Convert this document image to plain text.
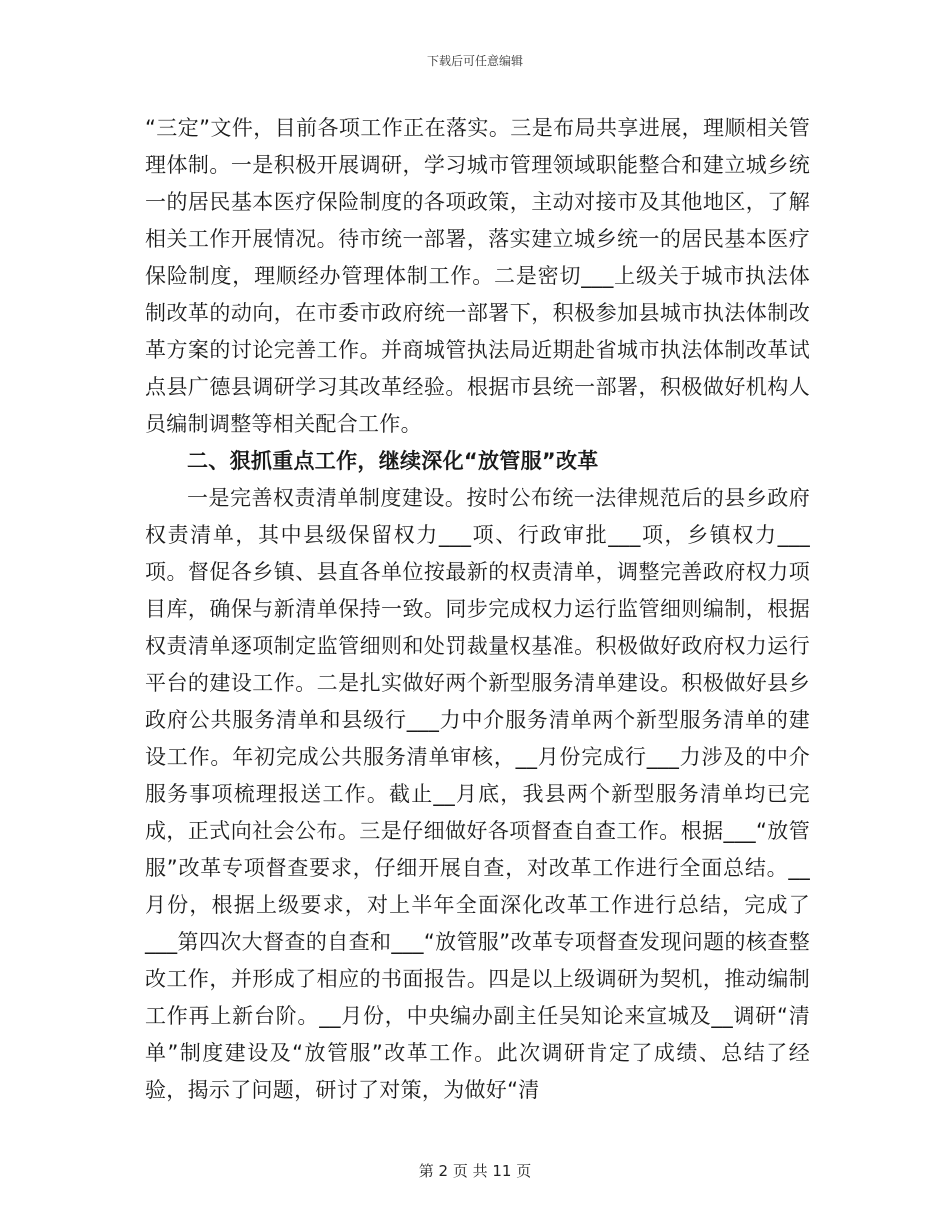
下载后可任意编辑

“三定”文件，目前各项工作正在落实。三是布局共享进展，理顺相关管理体制。一是积极开展调研，学习城市管理领域职能整合和建立城乡统一的居民基本医疗保险制度的各项政策，主动对接市及其他地区，了解相关工作开展情况。待市统一部署，落实建立城乡统一的居民基本医疗保险制度，理顺经办管理体制工作。二是密切___上级关于城市执法体制改革的动向，在市委市政府统一部署下，积极参加县城市执法体制改革方案的讨论完善工作。并商城管执法局近期赴省城市执法体制改革试点县广德县调研学习其改革经验。根据市县统一部署，积极做好机构人员编制调整等相关配合工作。

二、狠抓重点工作，继续深化“放管服”改革

一是完善权责清单制度建设。按时公布统一法律规范后的县乡政府权责清单，其中县级保留权力___项、行政审批___项，乡镇权力___项。督促各乡镇、县直各单位按最新的权责清单，调整完善政府权力项目库，确保与新清单保持一致。同步完成权力运行监管细则编制，根据权责清单逐项制定监管细则和处罚裁量权基准。积极做好政府权力运行平台的建设工作。二是扎实做好两个新型服务清单建设。积极做好县乡政府公共服务清单和县级行___力中介服务清单两个新型服务清单的建设工作。年初完成公共服务清单审核，__月份完成行___力涉及的中介服务事项梳理报送工作。截止__月底，我县两个新型服务清单均已完成，正式向社会公布。三是仔细做好各项督查自查工作。根据___“放管服”改革专项督查要求，仔细开展自查，对改革工作进行全面总结。__月份，根据上级要求，对上半年全面深化改革工作进行总结，完成了___第四次大督查的自查和___“放管服”改革专项督查发现问题的核查整改工作，并形成了相应的书面报告。四是以上级调研为契机，推动编制工作再上新台阶。__月份，中央编办副主任吴知论来宣城及__调研“清单”制度建设及“放管服”改革工作。此次调研肯定了成绩、总结了经验，揭示了问题，研讨了对策，为做好“清

第 2 页 共 11 页
